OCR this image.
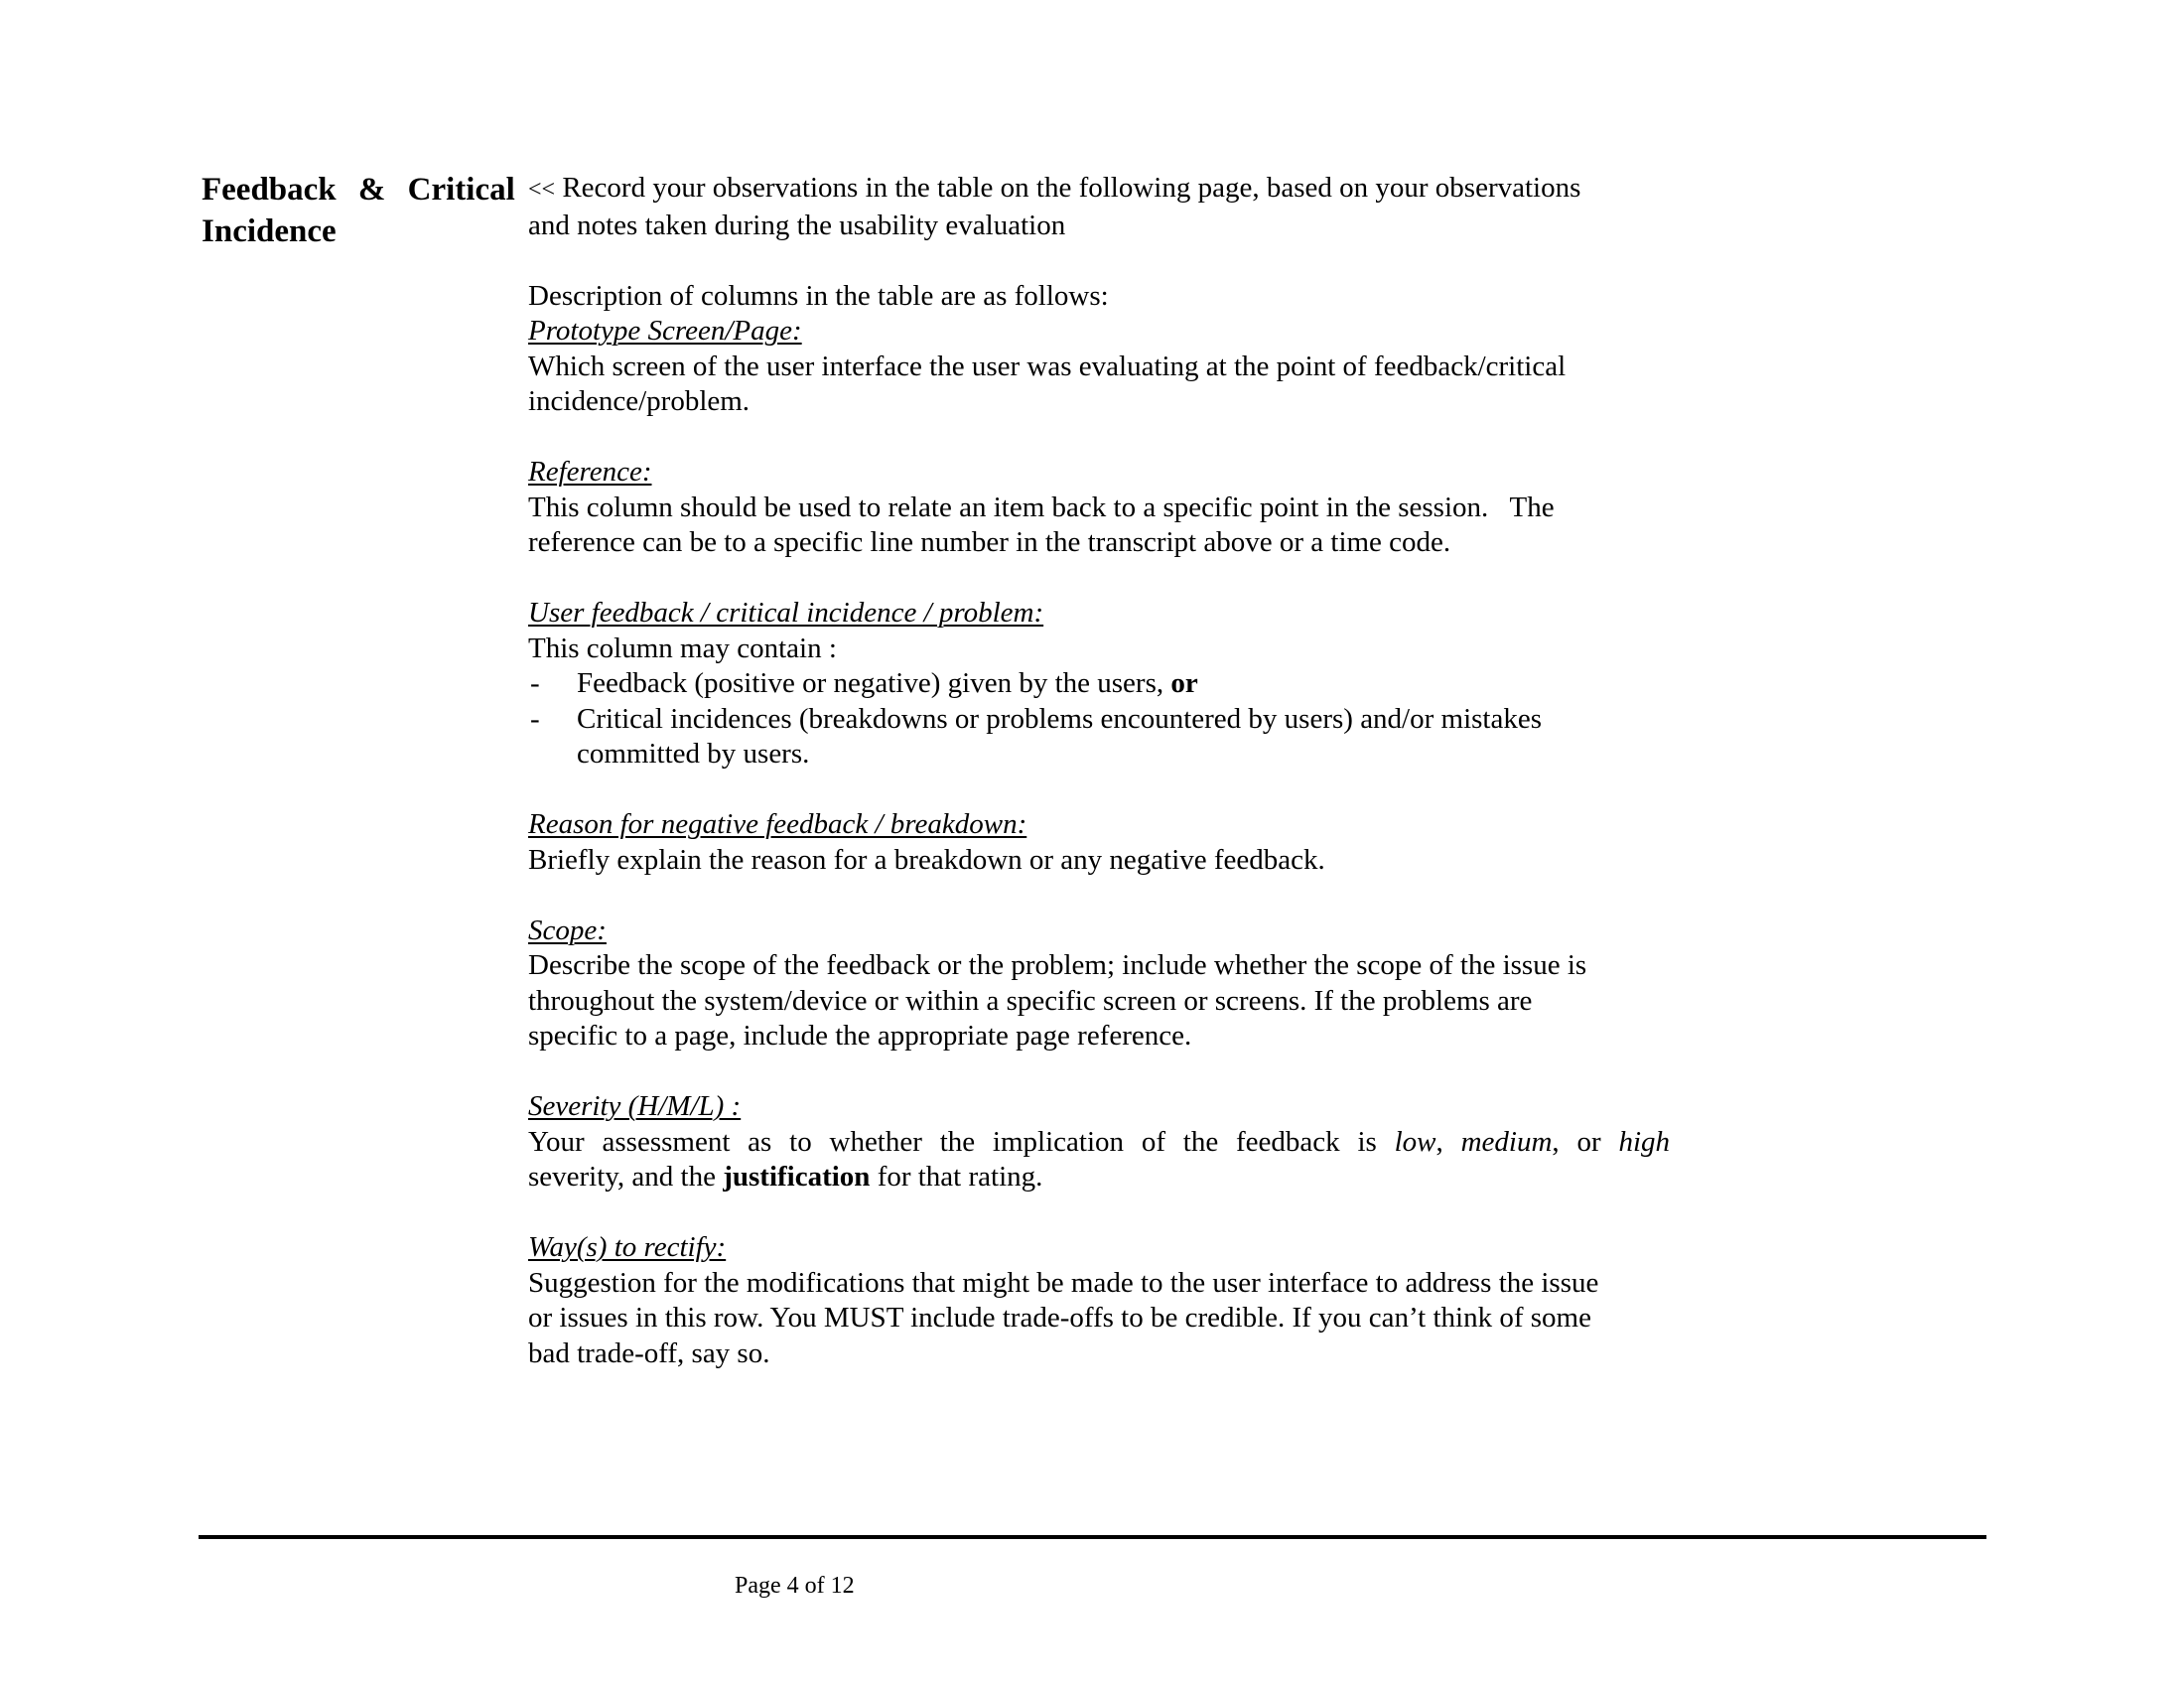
Feedback & Critical
Incidence

<< Record your observations in the table on the following page, based on your observations

and notes taken during the usability evaluation

Description of columns in the table are as follows:

Prototype Screen/Page:

Which screen of the user interface the user was evaluating at the point of feedback/critical

incidence/problem.

Reference:

This column should be used to relate an item back to a specific point in the session.   The

reference can be to a specific line number in the transcript above or a time code.

User feedback / critical incidence / problem:

This column may contain :

- Feedback (positive or negative) given by the users, or

- Critical incidences (breakdowns or problems encountered by users) and/or mistakes
committed by users.

Reason for negative feedback / breakdown:

Briefly explain the reason for a breakdown or any negative feedback.

Scope:

Describe the scope of the feedback or the problem; include whether the scope of the issue is

throughout the system/device or within a specific screen or screens. If the problems are

specific to a page, include the appropriate page reference.

Severity (H/M/L) :

Your assessment as to whether the implication of the feedback is low, medium, or high

severity, and the justification for that rating.

Way(s) to rectify:

Suggestion for the modifications that might be made to the user interface to address the issue

or issues in this row. You MUST include trade-offs to be credible. If you can’t think of some

bad trade-off, say so.

Page 4 of 12
